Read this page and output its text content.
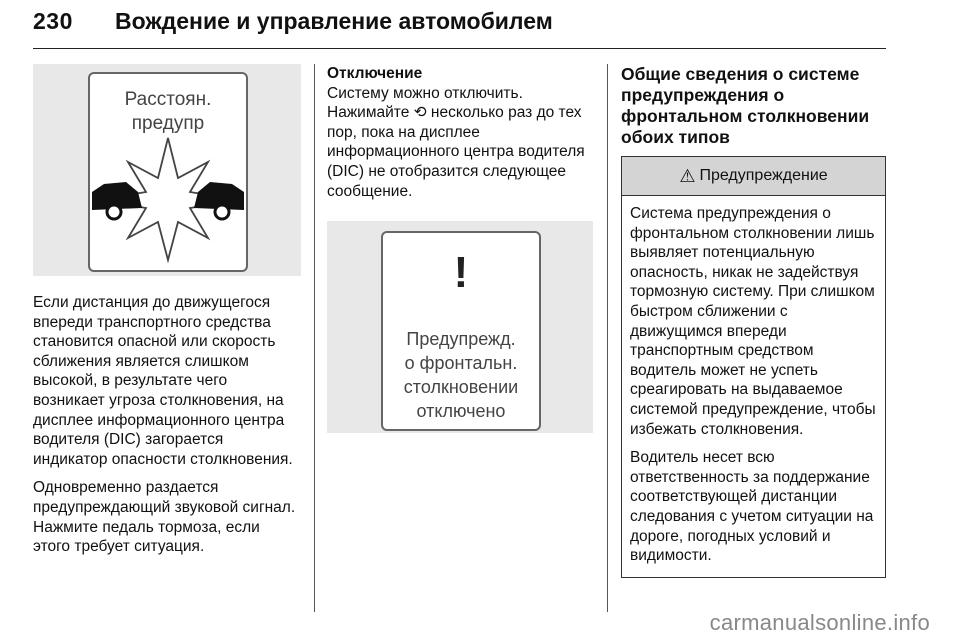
230 Вождение и управление автомобилем
Расстоян.
предупр

Если дистанция до движущегося впереди транспортного средства становится опасной или скорость сближения является слишком высокой, в результате чего возникает угроза столкновения, на дисплее информационного центра водителя (DIC) загорается индикатор опасности столкновения.

Одновременно раздается предупреждающий звуковой сигнал. Нажмите педаль тормоза, если этого требует ситуация.

Отключение

Систему можно отключить. Нажимайте ⟲ несколько раз до тех пор, пока на дисплее информационного центра водителя (DIC) не отобразится следующее сообщение.

!
Предупрежд.
о фронтальн.
столкновении
отключено

Общие сведения о системе предупреждения о фронтальном столкновении обоих типов

⚠ Предупреждение

Система предупреждения о фронтальном столкновении лишь выявляет потенциальную опасность, никак не задействуя тормозную систему. При слишком быстром сближении с движущимся впереди транспортным средством водитель может не успеть среагировать на выдаваемое системой предупреждение, чтобы избежать столкновения.

Водитель несет всю ответственность за поддержание соответствующей дистанции следования с учетом ситуации на дороге, погодных условий и видимости.

carmanualsonline.info
